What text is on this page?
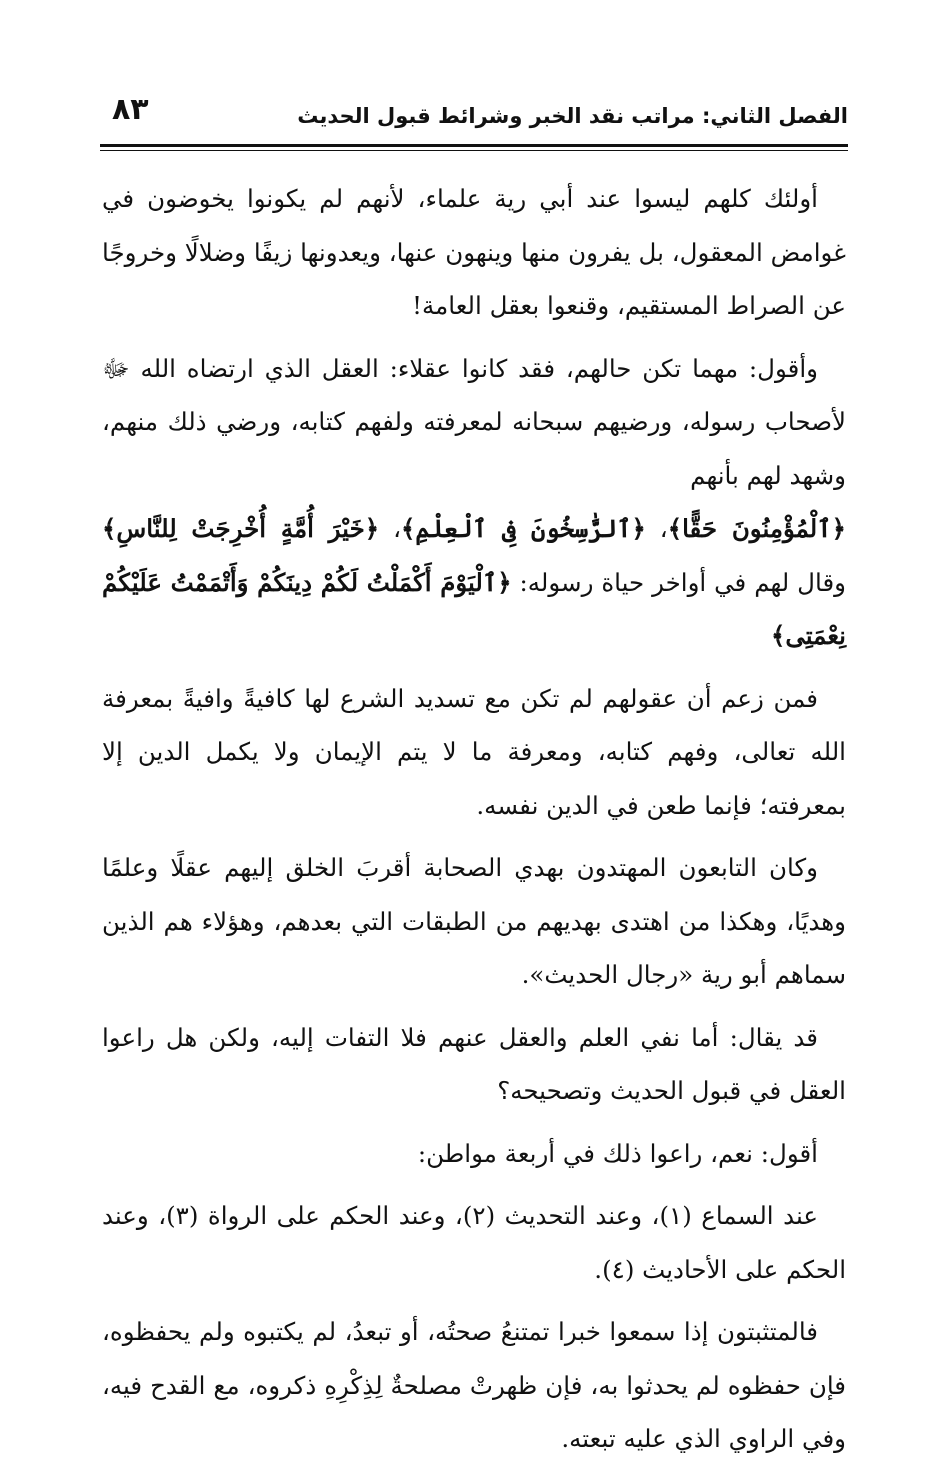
الفصل الثاني: مراتب نقد الخبر وشرائط قبول الحديث
٨٣

أولئك كلهم ليسوا عند أبي رية علماء، لأنهم لم يكونوا يخوضون في غوامض المعقول، بل يفرون منها وينهون عنها، ويعدونها زيفًا وضلالًا وخروجًا عن الصراط المستقيم، وقنعوا بعقل العامة!

وأقول: مهما تكن حالهم، فقد كانوا عقلاء: العقل الذي ارتضاه الله ﷻ لأصحاب رسوله، ورضيهم سبحانه لمعرفته ولفهم كتابه، ورضي ذلك منهم، وشهد لهم بأنهم
﴿ٱلْمُؤْمِنُونَ حَقًّا﴾، ﴿ٱلرَّٰسِخُونَ فِى ٱلْعِلْمِ﴾، ﴿خَيْرَ أُمَّةٍ أُخْرِجَتْ لِلنَّاسِ﴾ وقال لهم في أواخر حياة رسوله: ﴿ٱلْيَوْمَ أَكْمَلْتُ لَكُمْ دِينَكُمْ وَأَتْمَمْتُ عَلَيْكُمْ نِعْمَتِى﴾

فمن زعم أن عقولهم لم تكن مع تسديد الشرع لها كافيةً وافيةً بمعرفة الله تعالى، وفهم كتابه، ومعرفة ما لا يتم الإيمان ولا يكمل الدين إلا بمعرفته؛ فإنما طعن في الدين نفسه.

وكان التابعون المهتدون بهدي الصحابة أقربَ الخلق إليهم عقلًا وعلمًا وهديًا، وهكذا من اهتدى بهديهم من الطبقات التي بعدهم، وهؤلاء هم الذين سماهم أبو رية «رجال الحديث».

قد يقال: أما نفي العلم والعقل عنهم فلا التفات إليه، ولكن هل راعوا العقل في قبول الحديث وتصحيحه؟

أقول: نعم، راعوا ذلك في أربعة مواطن:

عند السماع (١)، وعند التحديث (٢)، وعند الحكم على الرواة (٣)، وعند الحكم على الأحاديث (٤).

فالمتثبتون إذا سمعوا خبرا تمتنعُ صحتُه، أو تبعدُ، لم يكتبوه ولم يحفظوه، فإن حفظوه لم يحدثوا به، فإن ظهرتْ مصلحةٌ لِذِكْرِهِ ذكروه، مع القدح فيه، وفي الراوي الذي عليه تبعته.
